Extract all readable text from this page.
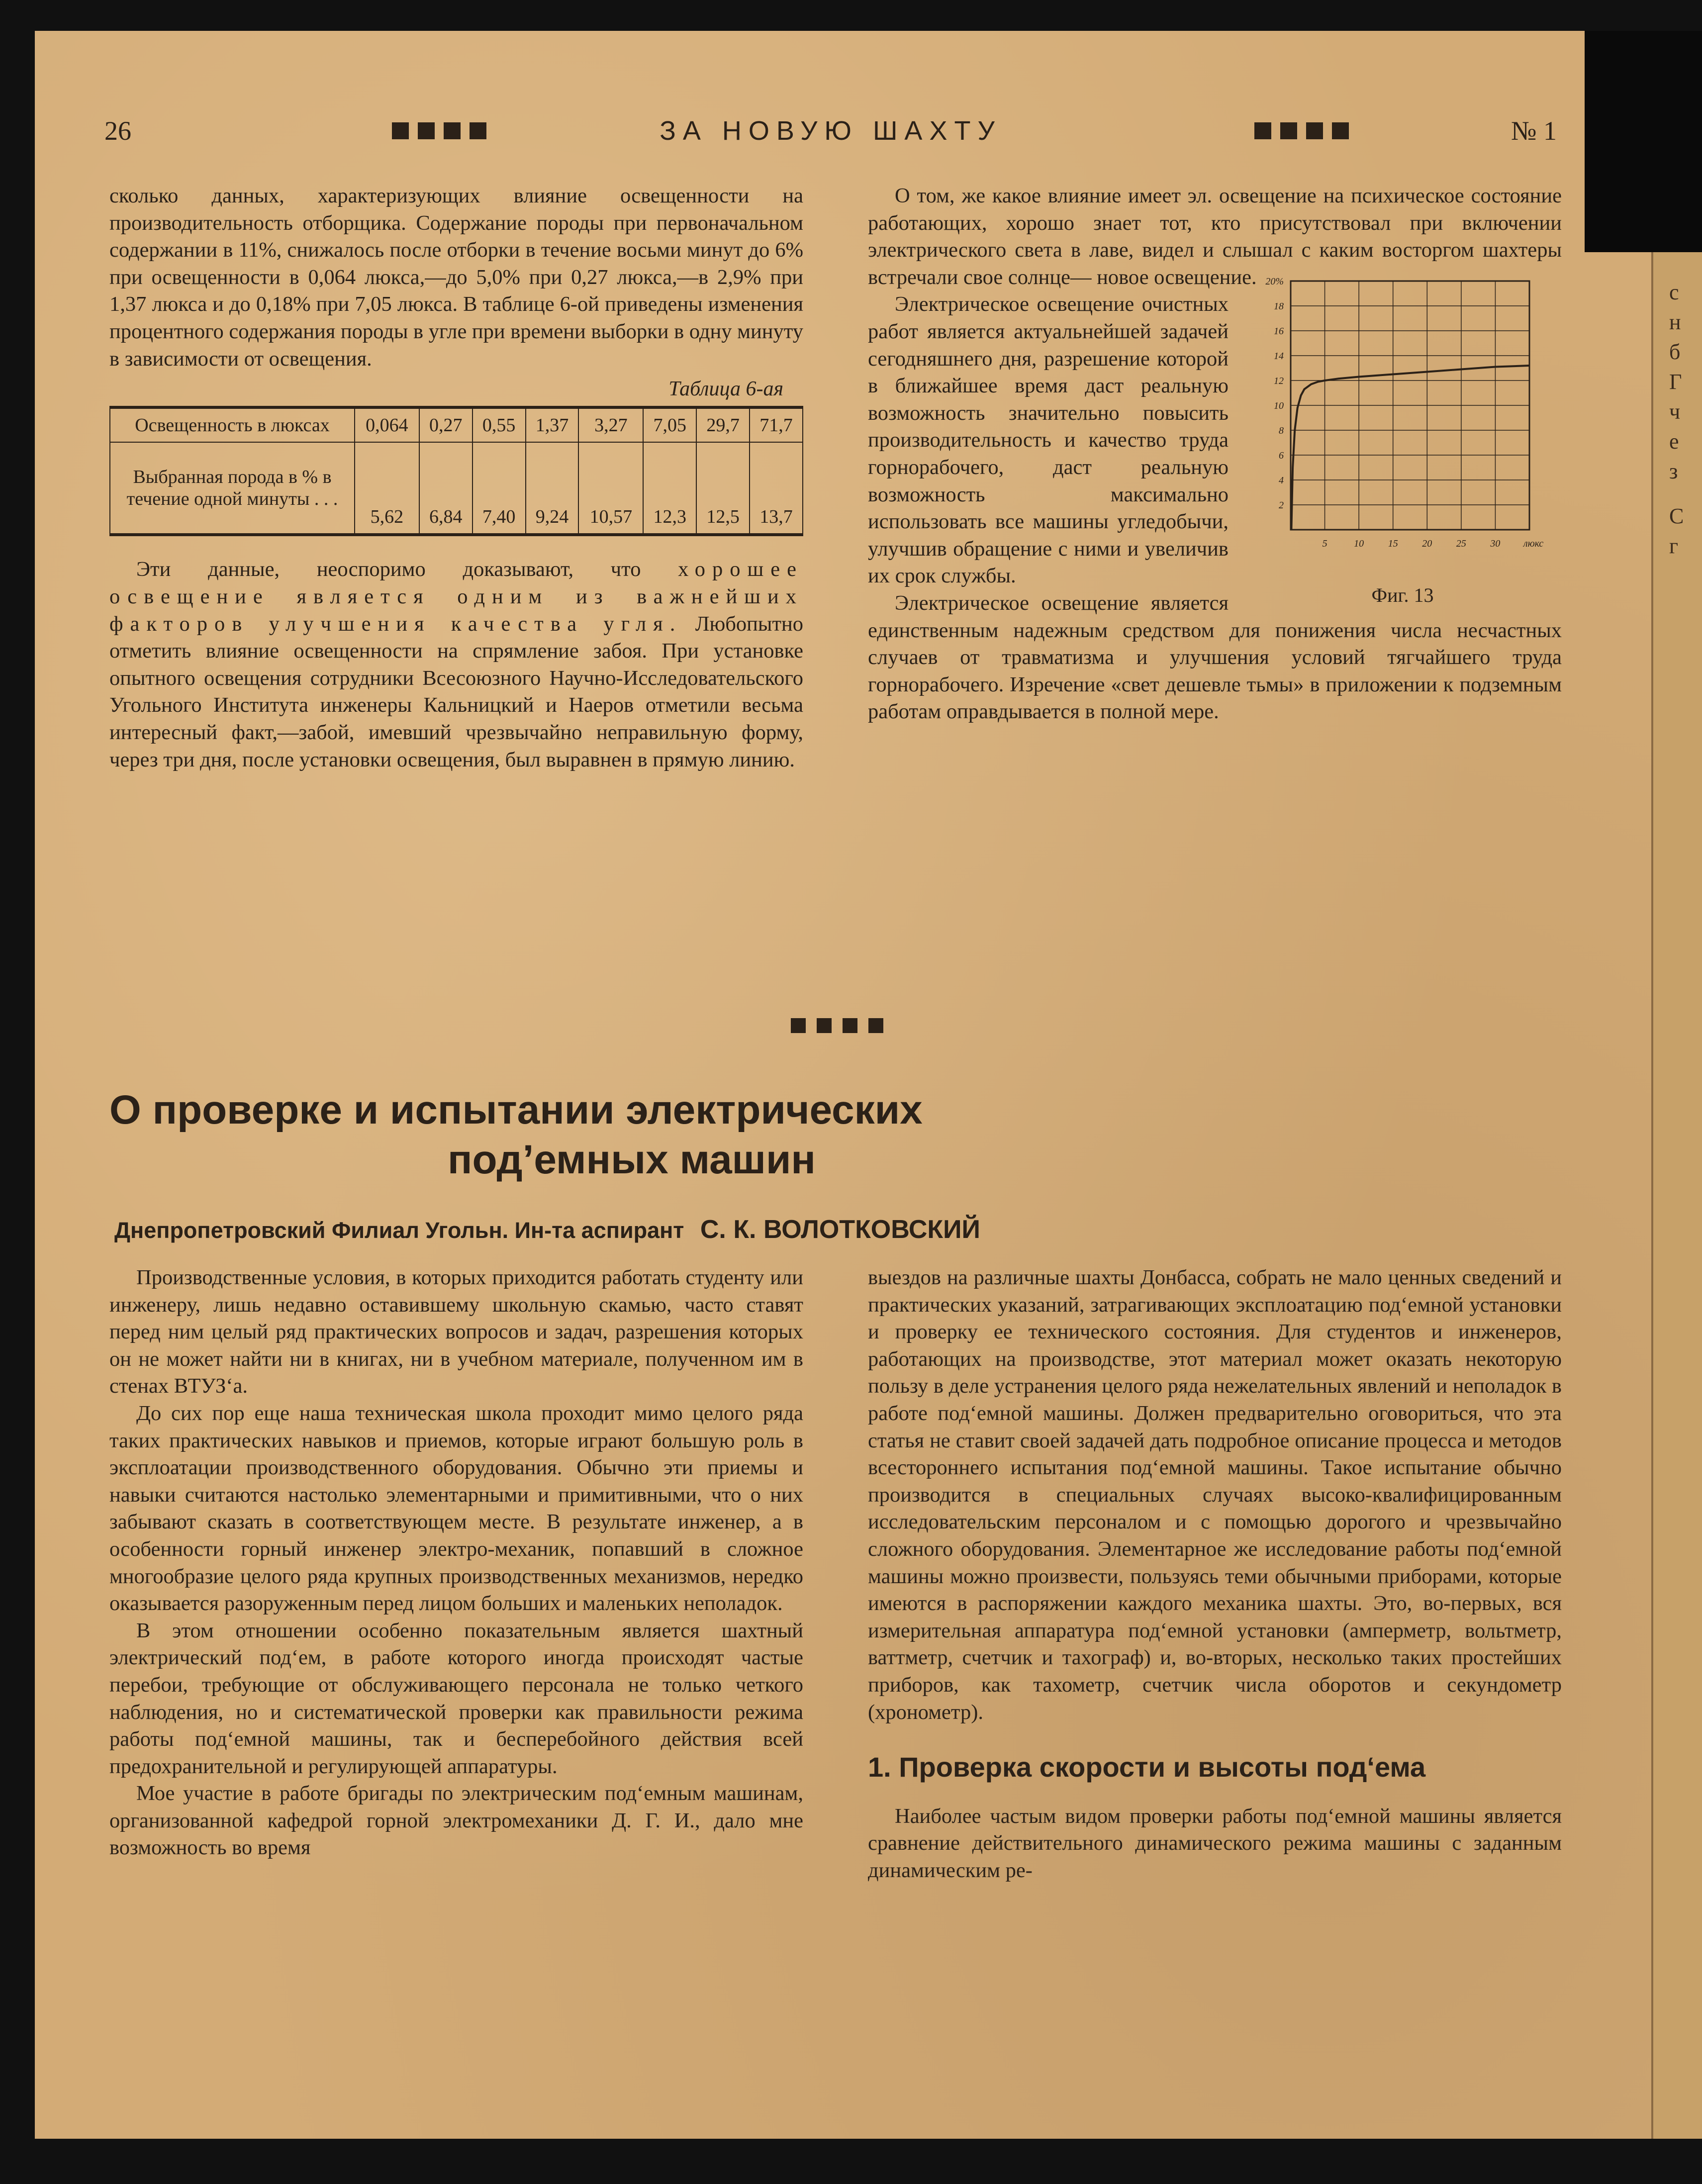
26	ЗА НОВУЮ ШАХТУ	№ 1

сколько данных, характеризующих влияние освещенности на производительность отборщика. Содержание породы при первоначальном содержании в 11%, снижалось после отборки в течение восьми минут до 6% при освещенности в 0,064 люкса,—до 5,0% при 0,27 люкса,—в 2,9% при 1,37 люкса и до 0,18% при 7,05 люкса. В таблице 6-ой приведены изменения процентного содержания породы в угле при времени выборки в одну минуту в зависимости от освещения.

Таблица 6-ая
Освещенность в люксах	0,064	0,27	0,55	1,37	3,27	7,05	29,7	71,7
Выбранная порода в % в течение одной минуты . . .	5,62	6,84	7,40	9,24	10,57	12,3	12,5	13,7

Эти данные, неоспоримо доказывают, что хорошее освещение является одним из важнейших факторов улучшения качества угля. Любопытно отметить влияние освещенности на спрямление забоя. При установке опытного освещения сотрудники Всесоюзного Научно-Исследовательского Угольного Института инженеры Кальницкий и Наеров отметили весьма интересный факт,—забой, имевший чрезвычайно неправильную форму, через три дня, после установки освещения, был выравнен в прямую линию.

О том, же какое влияние имеет эл. освещение на психическое состояние работающих, хорошо знает тот, кто присутствовал при включении электрического света в лаве, видел и слышал с каким восторгом шахтеры встречали свое солнце— новое освещение.

2
4
6
8
10
12
14
16
18
20%
5	10 15 20 25 30 люкс
Фиг. 13

Электрическое освещение очистных работ является актуальнейшей задачей сегодняшнего дня, разрешение которой в ближайшее время даст реальную возможность значительно повысить производительность и качество труда горнорабочего, даст реальную возможность максимально использовать все машины угледобычи, улучшив обращение с ними и увеличив их срок службы.

Электрическое освещение является единственным надежным средством для понижения числа несчастных случаев от травматизма и улучшения условий тягчайшего труда горнорабочего. Изречение «свет дешевле тьмы» в приложении к подземным работам оправдывается в полной мере.

О проверке и испытании электрических
под’емных машин
Днепропетровский Филиал Угольн. Ин-та аспирант С. К. ВОЛОТКОВСКИЙ

Производственные условия, в которых приходится работать студенту или инженеру, лишь недавно оставившему школьную скамью, часто ставят перед ним целый ряд практических вопросов и задач, разрешения которых он не может найти ни в книгах, ни в учебном материале, полученном им в стенах ВТУЗ‘а.

До сих пор еще наша техническая школа проходит мимо целого ряда таких практических навыков и приемов, которые играют большую роль в эксплоатации производственного оборудования. Обычно эти приемы и навыки считаются настолько элементарными и примитивными, что о них забывают сказать в соответствующем месте. В результате инженер, а в особенности горный инженер электро-механик, попавший в сложное многообразие целого ряда крупных производственных механизмов, нередко оказывается разоруженным перед лицом больших и маленьких неполадок.

В этом отношении особенно показательным является шахтный электрический под‘ем, в работе которого иногда происходят частые перебои, требующие от обслуживающего персонала не только четкого наблюдения, но и систематической проверки как правильности режима работы под‘емной машины, так и бесперебойного действия всей предохранительной и регулирующей аппаратуры.

Мое участие в работе бригады по электрическим под‘емным машинам, организованной кафедрой горной электромеханики Д. Г. И., дало мне возможность во время

выездов на различные шахты Донбасса, собрать не мало ценных сведений и практических указаний, затрагивающих эксплоатацию под‘емной установки и проверку ее технического состояния. Для студентов и инженеров, работающих на производстве, этот материал может оказать некоторую пользу в деле устранения целого ряда нежелательных явлений и неполадок в работе под‘емной машины. Должен предварительно оговориться, что эта статья не ставит своей задачей дать подробное описание процесса и методов всестороннего испытания под‘емной машины. Такое испытание обычно производится в специальных случаях высоко-квалифицированным исследовательским персоналом и с помощью дорогого и чрезвычайно сложного оборудования. Элементарное же исследование работы под‘емной машины можно произвести, пользуясь теми обычными приборами, которые имеются в распоряжении каждого механика шахты. Это, во-первых, вся измерительная аппаратура под‘емной установки (амперметр, вольтметр, ваттметр, счетчик и тахограф) и, во-вторых, несколько таких простейших приборов, как тахометр, счетчик числа оборотов и секундометр (хронометр).

1. Проверка скорости и высоты под‘ема

Наиболее частым видом проверки работы под‘емной машины является сравнение действительного динамического режима машины с заданным динамическим ре-

с
н
б
Г
ч
е
з
С
г
